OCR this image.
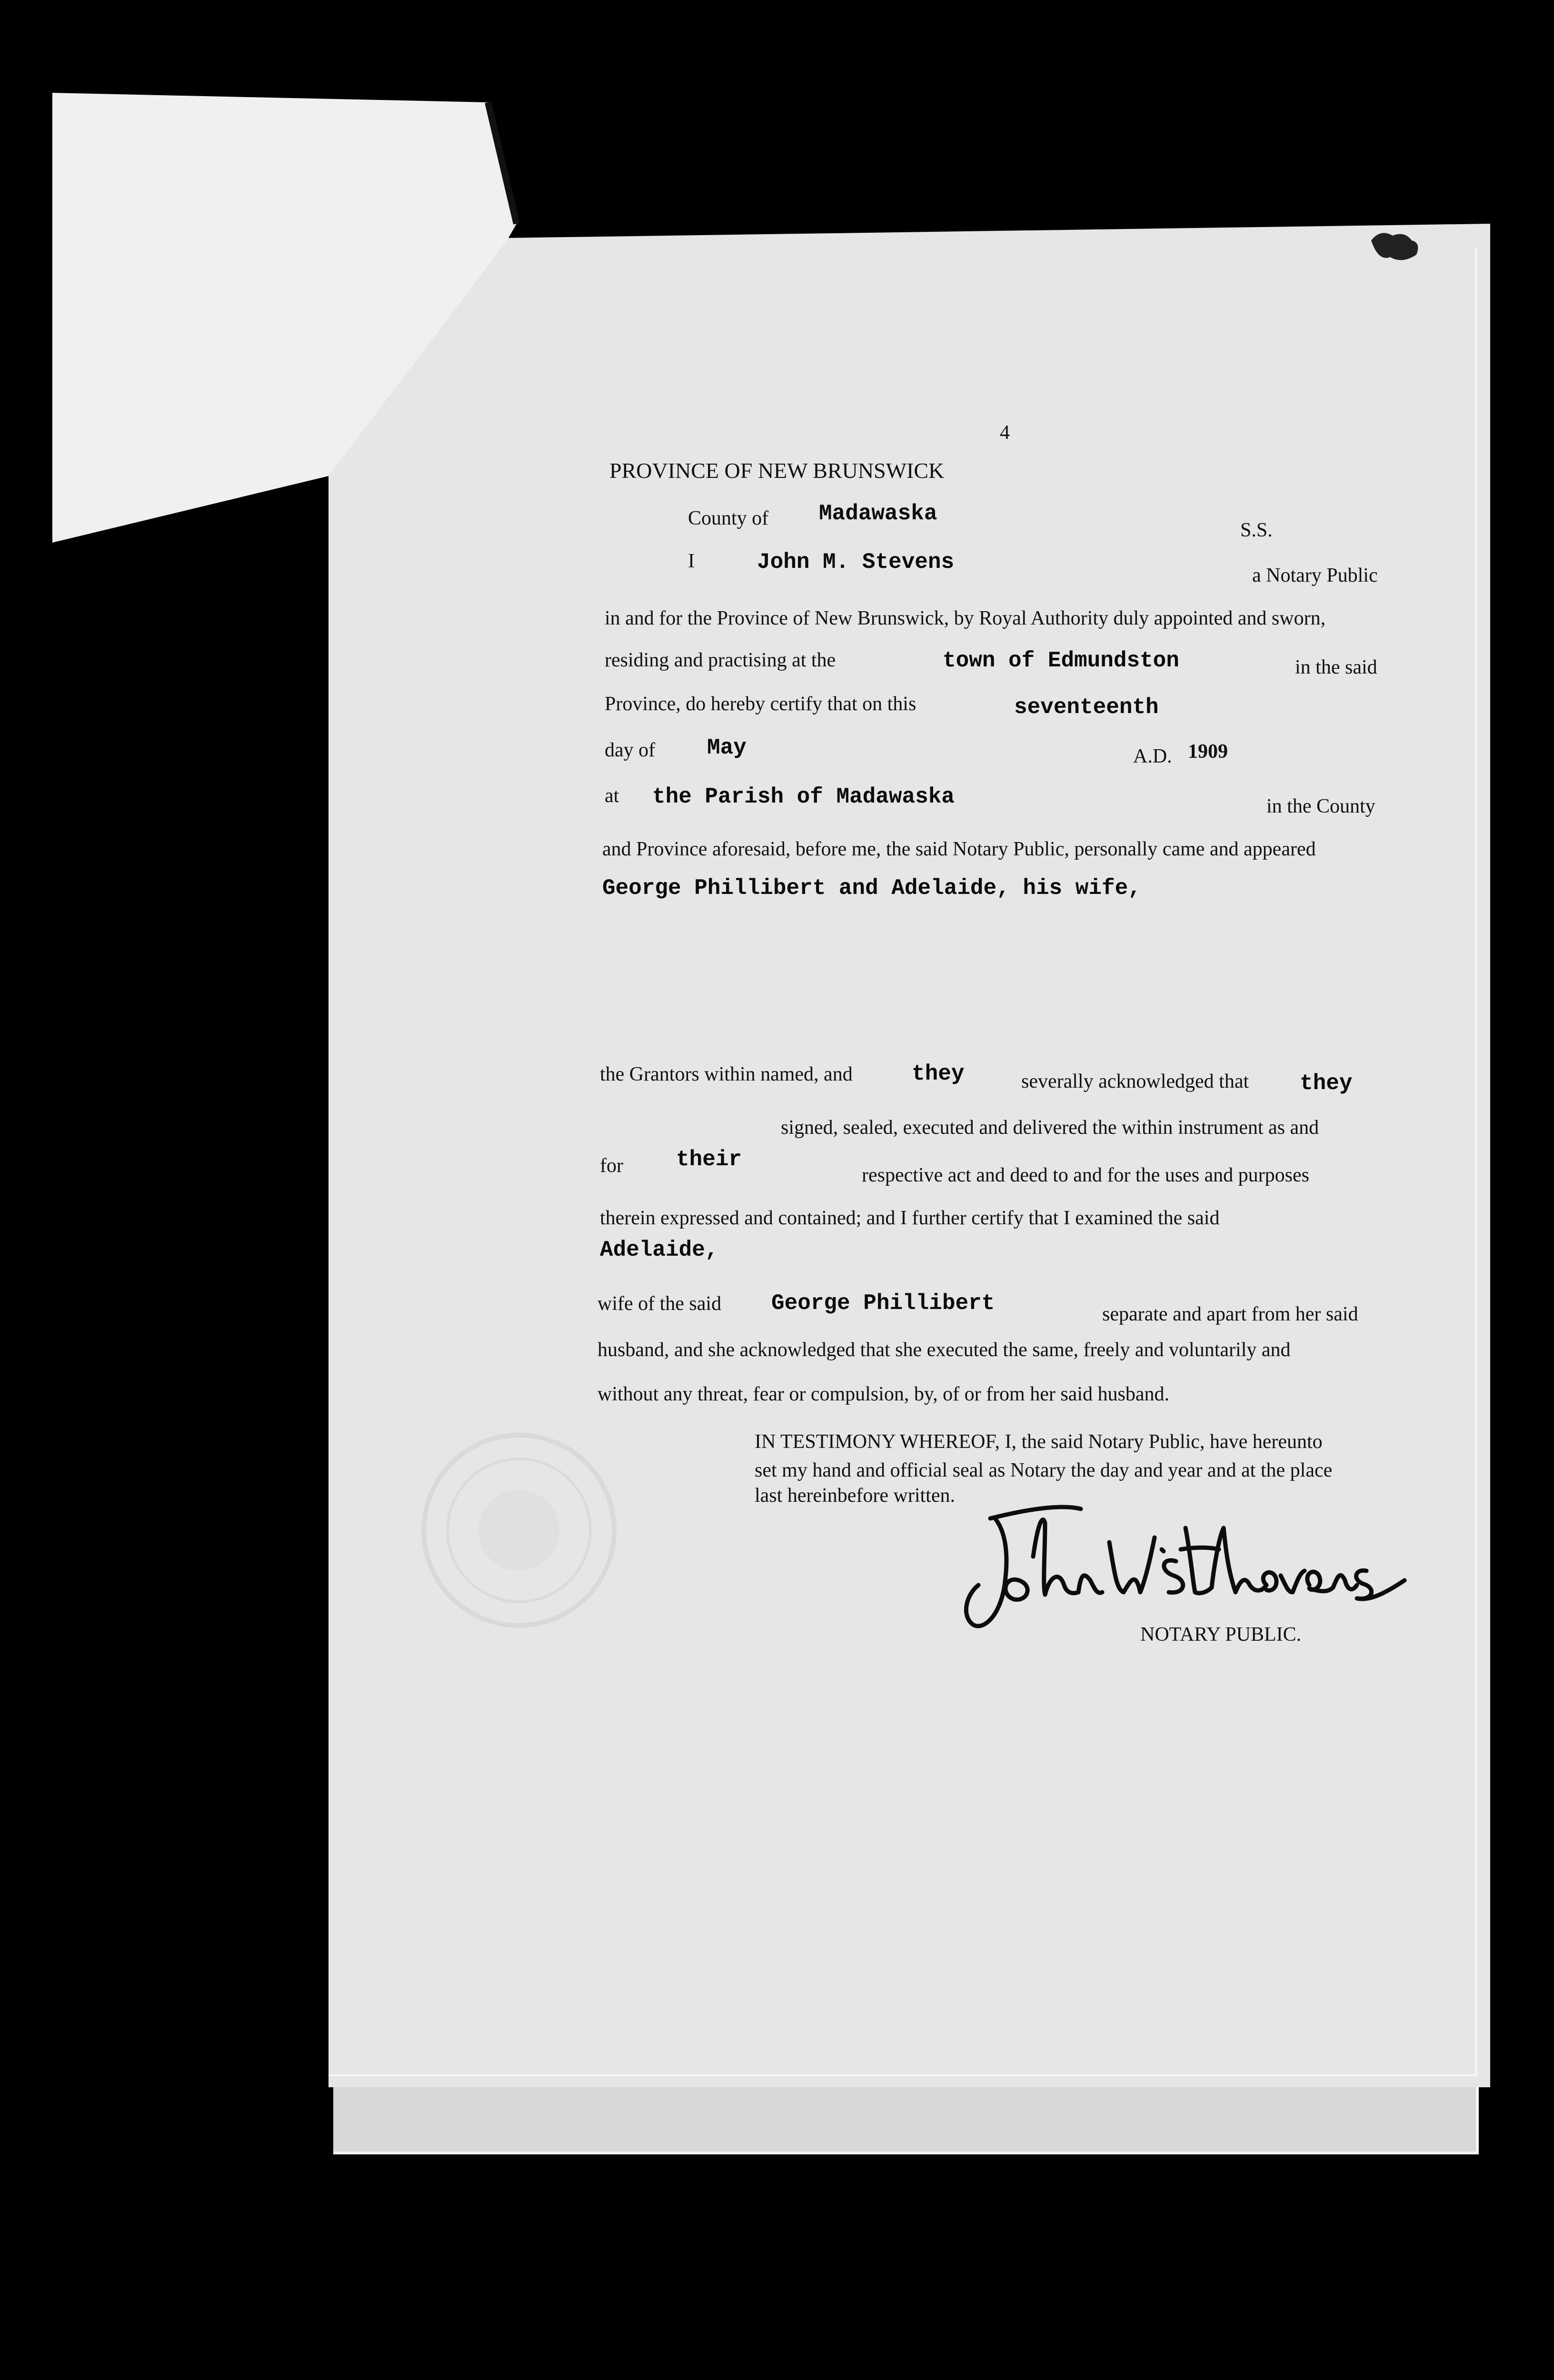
4
PROVINCE OF NEW BRUNSWICK
County of Madawaska
S.S.
I	John M. Stevens
a Notary Public
in and for the Province of New Brunswick, by Royal Authority duly appointed and sworn,
residing and practising at the	town of Edmundston	in the said
Province, do hereby certify that on this	seventeenth
day of May	A.D. 1909
at the Parish of Madawaska	in the County
and Province aforesaid, before me, the said Notary Public, personally came and appeared
George Phillibert and Adelaide, his wife,
the Grantors within named, and	they	severally acknowledged that they
signed, sealed, executed and delivered the within instrument as and
for their
respective act and deed to and for the uses and purposes
therein expressed and contained; and I further certify that I examined the said
Adelaide,
wife of the said George Phillibert	separate and apart from her said
husband, and she acknowledged that she executed the same, freely and voluntarily and
without any threat, fear or compulsion, by, of or from her said husband.
IN TESTIMONY WHEREOF, I, the said Notary Public, have hereunto
set my hand and official seal as Notary the day and year and at the place
last hereinbefore written.
NOTARY PUBLIC.
